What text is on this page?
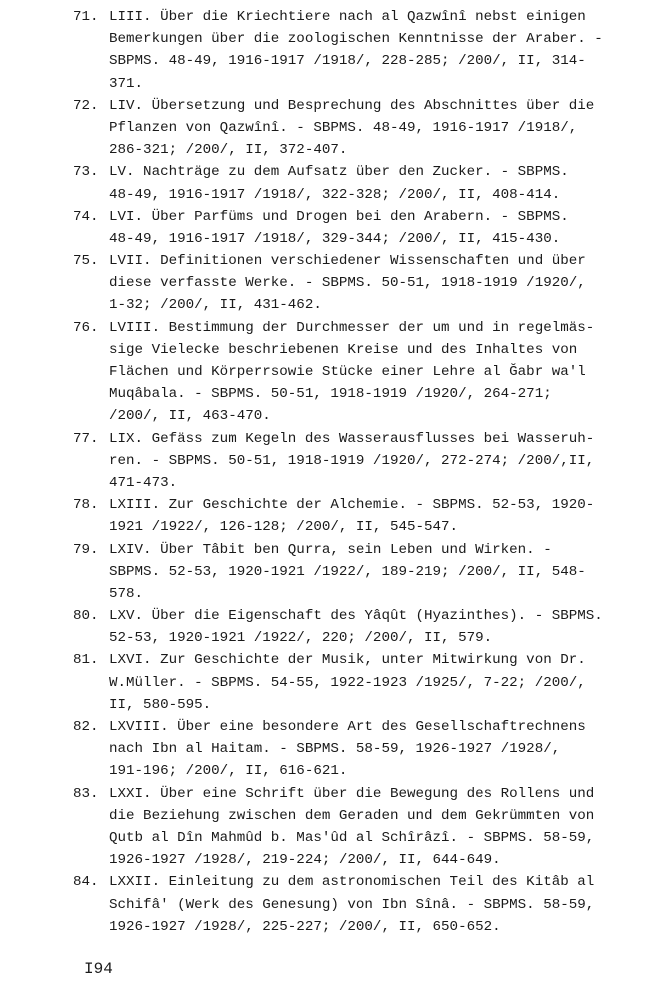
71. LIII. Über die Kriechtiere nach al Qazwînî nebst einigen
Bemerkungen über die zoologischen Kenntnisse der Araber. -
SBPMS. 48-49, 1916-1917 /1918/, 228-285; /200/, II, 314-
371.
72. LIV. Übersetzung und Besprechung des Abschnittes über die
Pflanzen von Qazwînî. - SBPMS. 48-49, 1916-1917 /1918/,
286-321; /200/, II, 372-407.
73. LV. Nachträge zu dem Aufsatz über den Zucker. - SBPMS.
48-49, 1916-1917 /1918/, 322-328; /200/, II, 408-414.
74. LVI. Über Parfüms und Drogen bei den Arabern. - SBPMS.
48-49, 1916-1917 /1918/, 329-344; /200/, II, 415-430.
75. LVII. Definitionen verschiedener Wissenschaften und über
diese verfasste Werke. - SBPMS. 50-51, 1918-1919 /1920/,
1-32; /200/, II, 431-462.
76. LVIII. Bestimmung der Durchmesser der um und in regelmäs-
sige Vielecke beschriebenen Kreise und des Inhaltes von
Flächen und Körperrsowie Stücke einer Lehre al Ğabr wa'l
Muqâbala. - SBPMS. 50-51, 1918-1919 /1920/, 264-271;
/200/, II, 463-470.
77. LIX. Gefäss zum Kegeln des Wasserausflusses bei Wasseruh-
ren. - SBPMS. 50-51, 1918-1919 /1920/, 272-274; /200/,II,
471-473.
78. LXIII. Zur Geschichte der Alchemie. - SBPMS. 52-53, 1920-
1921 /1922/, 126-128; /200/, II, 545-547.
79. LXIV. Über Tâbit ben Qurra, sein Leben und Wirken. -
SBPMS. 52-53, 1920-1921 /1922/, 189-219; /200/, II, 548-
578.
80. LXV. Über die Eigenschaft des Yâqût (Hyazinthes). - SBPMS.
52-53, 1920-1921 /1922/, 220; /200/, II, 579.
81. LXVI. Zur Geschichte der Musik, unter Mitwirkung von Dr.
W.Müller. - SBPMS. 54-55, 1922-1923 /1925/, 7-22; /200/,
II, 580-595.
82. LXVIII. Über eine besondere Art des Gesellschaftrechnens
nach Ibn al Haitam. - SBPMS. 58-59, 1926-1927 /1928/,
191-196; /200/, II, 616-621.
83. LXXI. Über eine Schrift über die Bewegung des Rollens und
die Beziehung zwischen dem Geraden und dem Gekrümmten von
Qutb al Dîn Mahmûd b. Mas'ûd al Schîrâzî. - SBPMS. 58-59,
1926-1927 /1928/, 219-224; /200/, II, 644-649.
84. LXXII. Einleitung zu dem astronomischen Teil des Kitâb al
Schifâ' (Werk des Genesung) von Ibn Sînâ. - SBPMS. 58-59,
1926-1927 /1928/, 225-227; /200/, II, 650-652.
I94
